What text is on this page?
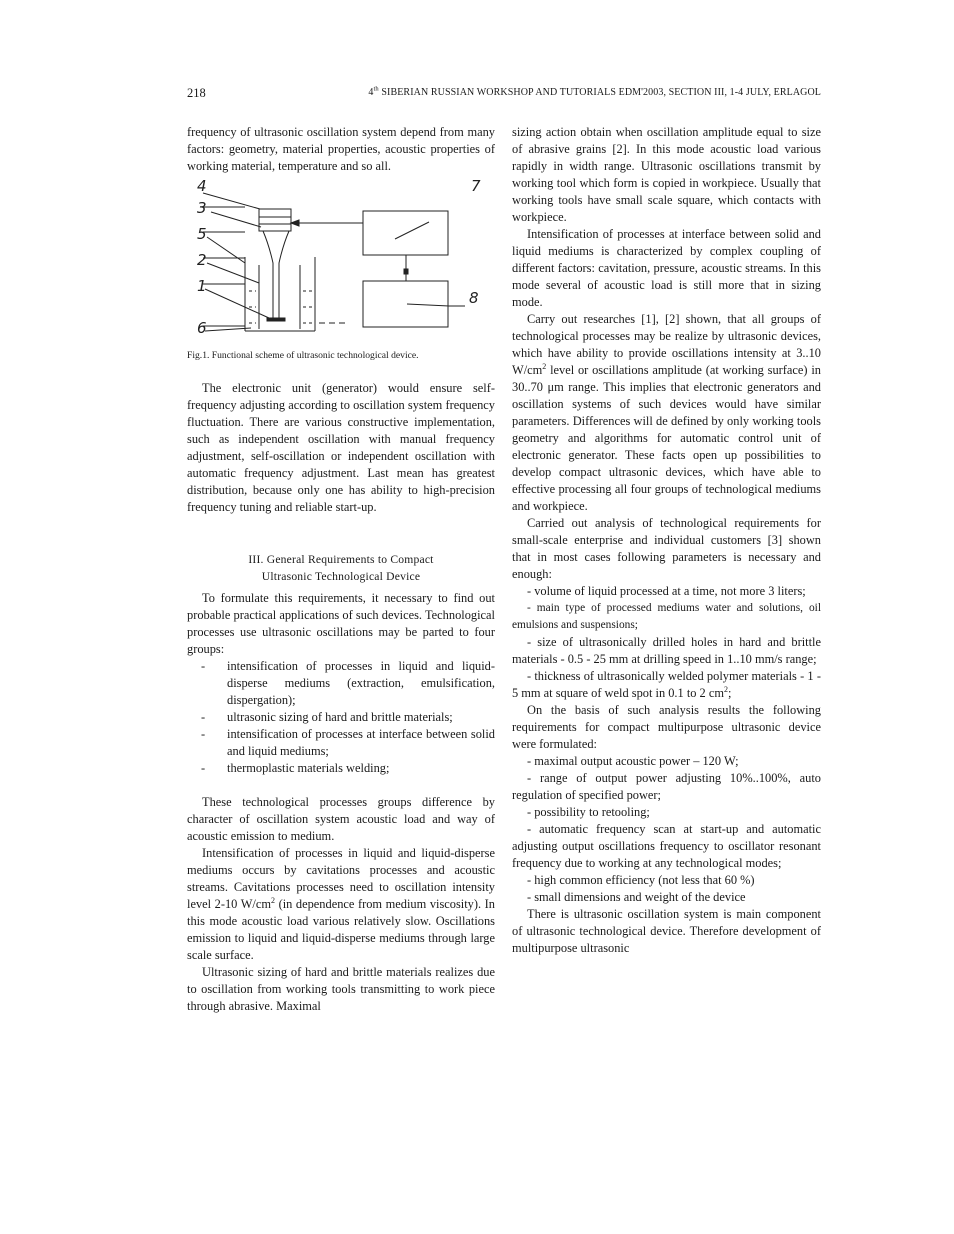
218	4th SIBERIAN RUSSIAN WORKSHOP AND TUTORIALS EDM'2003, SECTION III, 1-4 JULY, ERLAGOL

frequency of ultrasonic oscillation system depend from many factors: geometry, material properties, acoustic properties of working material, temperature and so all.

4
3
5
2
1
6
7
8

Fig.1. Functional scheme of ultrasonic technological device.

The electronic unit (generator) would ensure self-frequency adjusting according to oscillation system frequency fluctuation. There are various constructive implementation, such as independent oscillation with manual frequency adjustment, self-oscillation or independent oscillation with automatic frequency adjustment. Last mean has greatest distribution, because only one has ability to high-precision frequency tuning and reliable start-up.

III. General Requirements to Compact
Ultrasonic Technological Device

To formulate this requirements, it necessary to find out probable practical applications of such devices. Technological processes use ultrasonic oscillations may be parted to four groups:

- intensification of processes in liquid and liquid-disperse mediums (extraction, emulsification, dispergation);
- ultrasonic sizing of hard and brittle materials;
- intensification of processes at interface between solid and liquid mediums;
- thermoplastic materials welding;

These technological processes groups difference by character of oscillation system acoustic load and way of acoustic emission to medium.

Intensification of processes in liquid and liquid-disperse mediums occurs by cavitations processes and acoustic streams. Cavitations processes need to oscillation intensity level 2-10 $W/cm^2$ (in dependence from medium viscosity). In this mode acoustic load various relatively slow. Oscillations emission to liquid and liquid-disperse mediums through large scale surface.

Ultrasonic sizing of hard and brittle materials realizes due to oscillation from working tools transmitting to work piece through abrasive. Maximal

sizing action obtain when oscillation amplitude equal to size of abrasive grains [2]. In this mode acoustic load various rapidly in width range. Ultrasonic oscillations transmit by working tool which form is copied in workpiece. Usually that working tools have small scale square, which contacts with workpiece.

Intensification of processes at interface between solid and liquid mediums is characterized by complex coupling of different factors: cavitation, pressure, acoustic streams. In this mode several of acoustic load is still more that in sizing mode.

Carry out researches [1], [2] shown, that all groups of technological processes may be realize by ultrasonic devices, which have ability to provide oscillations intensity at 3..10 $W/cm^2$ level or oscillations amplitude (at working surface) in 30..70 μm range. This implies that electronic generators and oscillation systems of such devices would have similar parameters. Differences will de defined by only working tools geometry and algorithms for automatic control unit of electronic generator. These facts open up possibilities to develop compact ultrasonic devices, which have able to effective processing all four groups of technological mediums and workpiece.

Carried out analysis of technological requirements for small-scale enterprise and individual customers [3] shown that in most cases following parameters is necessary and enough:

- volume of liquid processed at a time, not more 3 liters;

- main type of processed mediums water and solutions, oil emulsions and suspensions;

- size of ultrasonically drilled holes in hard and brittle materials - 0.5 - 25 mm at drilling speed in 1..10 mm/s range;

- thickness of ultrasonically welded polymer materials - 1 - 5 mm at square of weld spot in 0.1 to 2 $cm^2$;

On the basis of such analysis results the following requirements for compact multipurpose ultrasonic device were formulated:

- maximal output acoustic power – 120 W;

- range of output power adjusting 10%..100%, auto regulation of specified power;

- possibility to retooling;

- automatic frequency scan at start-up and automatic adjusting output oscillations frequency to oscillator resonant frequency due to working at any technological modes;

- high common efficiency (not less that 60 %)

- small dimensions and weight of the device

There is ultrasonic oscillation system is main component of ultrasonic technological device. Therefore development of multipurpose ultrasonic
